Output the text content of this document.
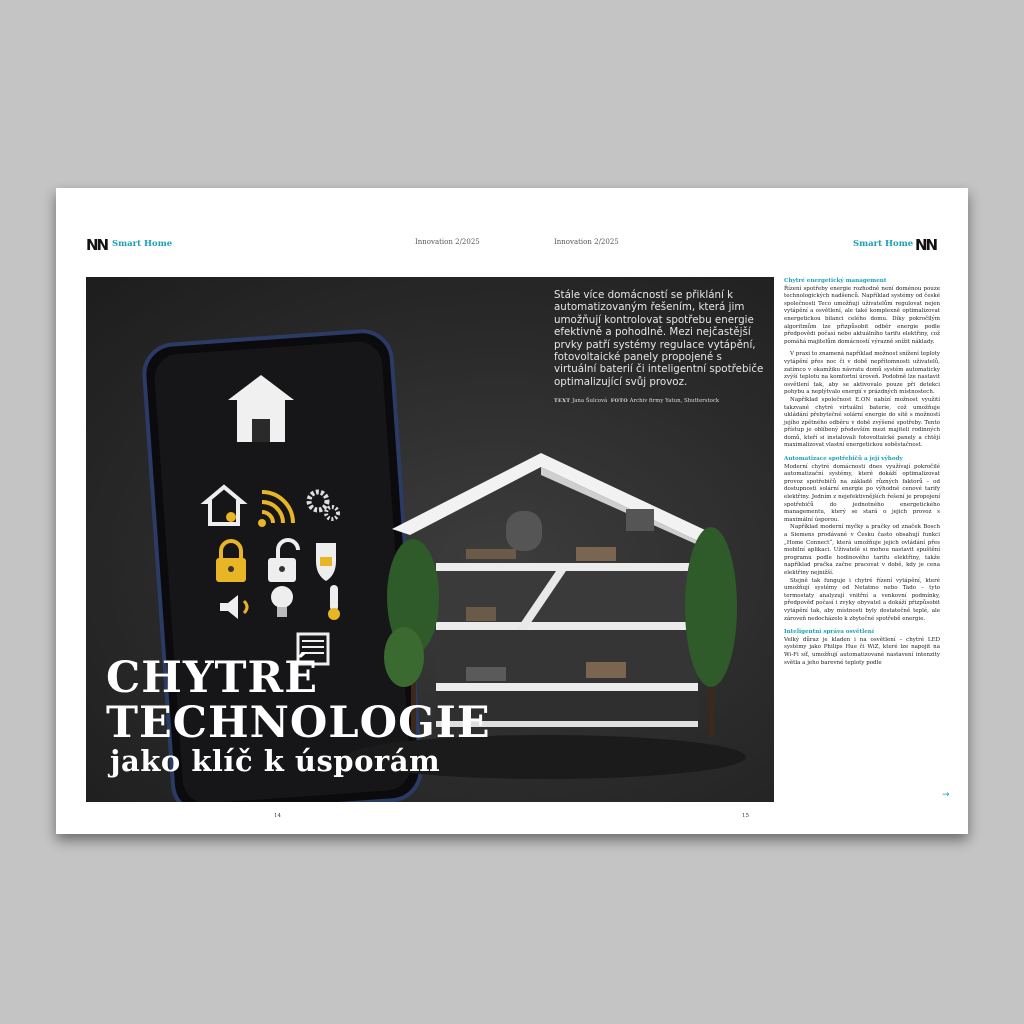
NN Smart Home	Innovation 2/2025	Innovation 2/2025	Smart Home NN
Stále více domácností se přiklání k automatizovaným řešením, která jim umožňují kontrolovat spotřebu energie efektivně a pohodlně. Mezi nejčastější prvky patří systémy regulace vytápění, fotovoltaické panely propojené s virtuální baterií či inteligentní spotřebiče optimalizující svůj provoz.
TEXT Jana Šulcová FOTO Archiv firmy Yatun, Shutterstock
CHYTRÉ
TECHNOLOGIE
jako klíč k úsporám
Chytré energetický management

Řízení spotřeby energie rozhodně není doménou pouze technologických nadšenců. Například systémy od české společnosti Teco umožňují uživatelům regulovat nejen vytápění a osvětlení, ale také komplexně optimalizovat energetickou bilanci celého domu. Díky pokročilým algoritmům lze přizpůsobit odběr energie podle předpovědi počasí nebo aktuálního tarifu elektřiny, což pomáhá majitelům domácností výrazně snížit náklady.

V praxi to znamená například možnost snížení teploty vytápění přes noc či v době nepřítomnosti uživatelů, zatímco v okamžiku návratu domů systém automaticky zvýší teplotu na komfortní úroveň. Podobně lze nastavit osvětlení tak, aby se aktivovalo pouze při detekci pohybu a neplýtvalo energií v prázdných místnostech.

Například společnost E.ON nabízí možnost využití takzvané chytré virtuální baterie, což umožňuje ukládání přebytečné solární energie do sítě s možností jejího zpětného odběru v době zvýšené spotřeby. Tento přístup je oblíbený především mezi majiteli rodinných domů, kteří si instalovali fotovoltaické panely a chtějí maximalizovat vlastní energetickou soběstačnost.

Automatizace spotřebičů a její výhody

Moderní chytré domácnosti dnes využívají pokročilé automatizační systémy, které dokáží optimalizovat provoz spotřebičů na základě různých faktorů – od dostupnosti solární energie po výhodné cenové tarify elektřiny. Jedním z nejefektivnějších řešení je propojení spotřebičů do jednotného energetického managementu, který se stará o jejich provoz s maximální úsporou.

Například moderní myčky a pračky od značek Bosch a Siemens prodávané v Česku často obsahují funkci „Home Connect“, která umožňuje jejich ovládání přes mobilní aplikaci. Uživatelé si mohou nastavit spuštění programu podle hodinového tarifu elektřiny, takže například pračka začne pracovat v době, kdy je cena elektřiny nejnižší.

Stejně tak funguje i chytré řízení vytápění, které umožňují systémy od Netatmo nebo Tado – tyto termostaty analyzují vnitřní a venkovní podmínky, předpověď počasí i zvyky obyvatel a dokáží přizpůsobit vytápění tak, aby místnosti byly dostatečně teplé, ale zároveň nedocházelo k zbytečné spotřebě energie.

Inteligentní správa osvětlení

Velký důraz je kladen i na osvětlení – chytré LED systémy jako Philips Hue či WiZ, které lze napojit na Wi-Fi síť, umožňují automatizované nastavení intenzity světla a jeho barevné teploty podle

→
14	15
